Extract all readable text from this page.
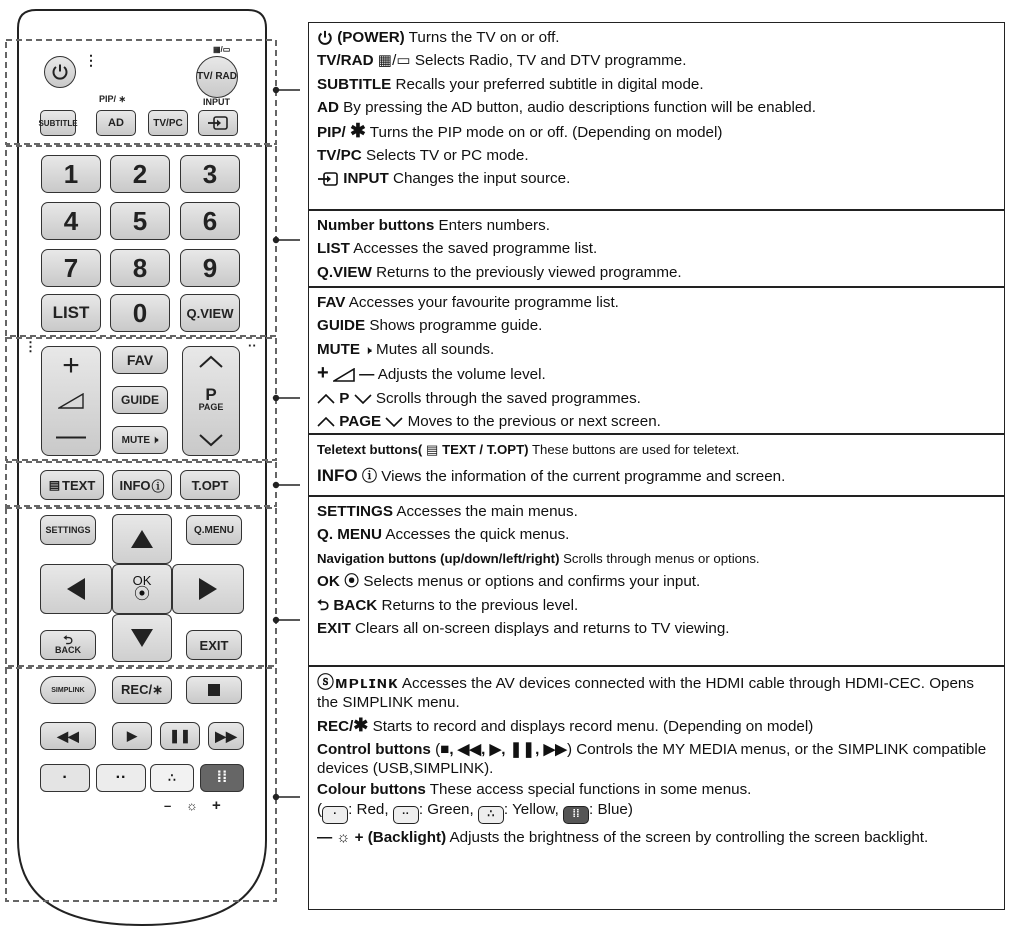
⋮
▦/▭
TV/ RAD
PIP/ ∗	INPUT
SUBTITLE	AD	TV/PC
1	2	3
4	5	6
7	8	9
LIST	0	Q.VIEW
⋮	··
+
—
FAV
GUIDE
MUTE 🕨
P
PAGE
▤ TEXT INFO ⓘ	T.OPT
SETTINGS	Q.MENU
OK
⦿
⮌
BACK	EXIT
SIMPLINK	REC/∗
◀◀	▶ ❚❚ ▶▶
·	··	∴	⁞⁞
– ☼ +
(POWER) Turns the TV on or off.
TV/RAD ▦/▭ Selects Radio, TV and DTV programme.
SUBTITLE Recalls your preferred subtitle in digital mode.
AD By pressing the AD button, audio descriptions function will be enabled.
PIP/ ✱ Turns the PIP mode on or off. (Depending on model)
TV/PC Selects TV or PC mode.
INPUT Changes the input source.
Number buttons Enters numbers.
LIST Accesses the saved programme list.
Q.VIEW Returns to the previously viewed programme.
FAV Accesses your favourite programme list.
GUIDE Shows programme guide.
MUTE 🕨 Mutes all sounds.
+ — Adjusts the volume level.
P  Scrolls through the saved programmes.
PAGE  Moves to the previous or next screen.
Teletext buttons( ▤ TEXT / T.OPT) These buttons are used for teletext.
INFO ⓘ Views the information of the current programme and screen.
SETTINGS Accesses the main menus.
Q. MENU Accesses the quick menus.
Navigation buttons (up/down/left/right) Scrolls through menus or options.
OK ⦿ Selects menus or options and confirms your input.
⮌ BACK Returns to the previous level.
EXIT Clears all on-screen displays and returns to TV viewing.
ⓢᴍᴘʟɪɴᴋ Accesses the AV devices connected with the HDMI cable through HDMI-CEC. Opens the SIMPLINK menu.
REC/✱ Starts to record and displays record menu. (Depending on model)
Control buttons (■, ◀◀, ▶, ❚❚, ▶▶) Controls the MY MEDIA menus, or the SIMPLINK compatible devices (USB,SIMPLINK).
Colour buttons These access special functions in some menus.
( · : Red, ·· : Green, ∴ : Yellow, ⁞⁞ : Blue)
— ☼ + (Backlight) Adjusts the brightness of the screen by controlling the screen backlight.
